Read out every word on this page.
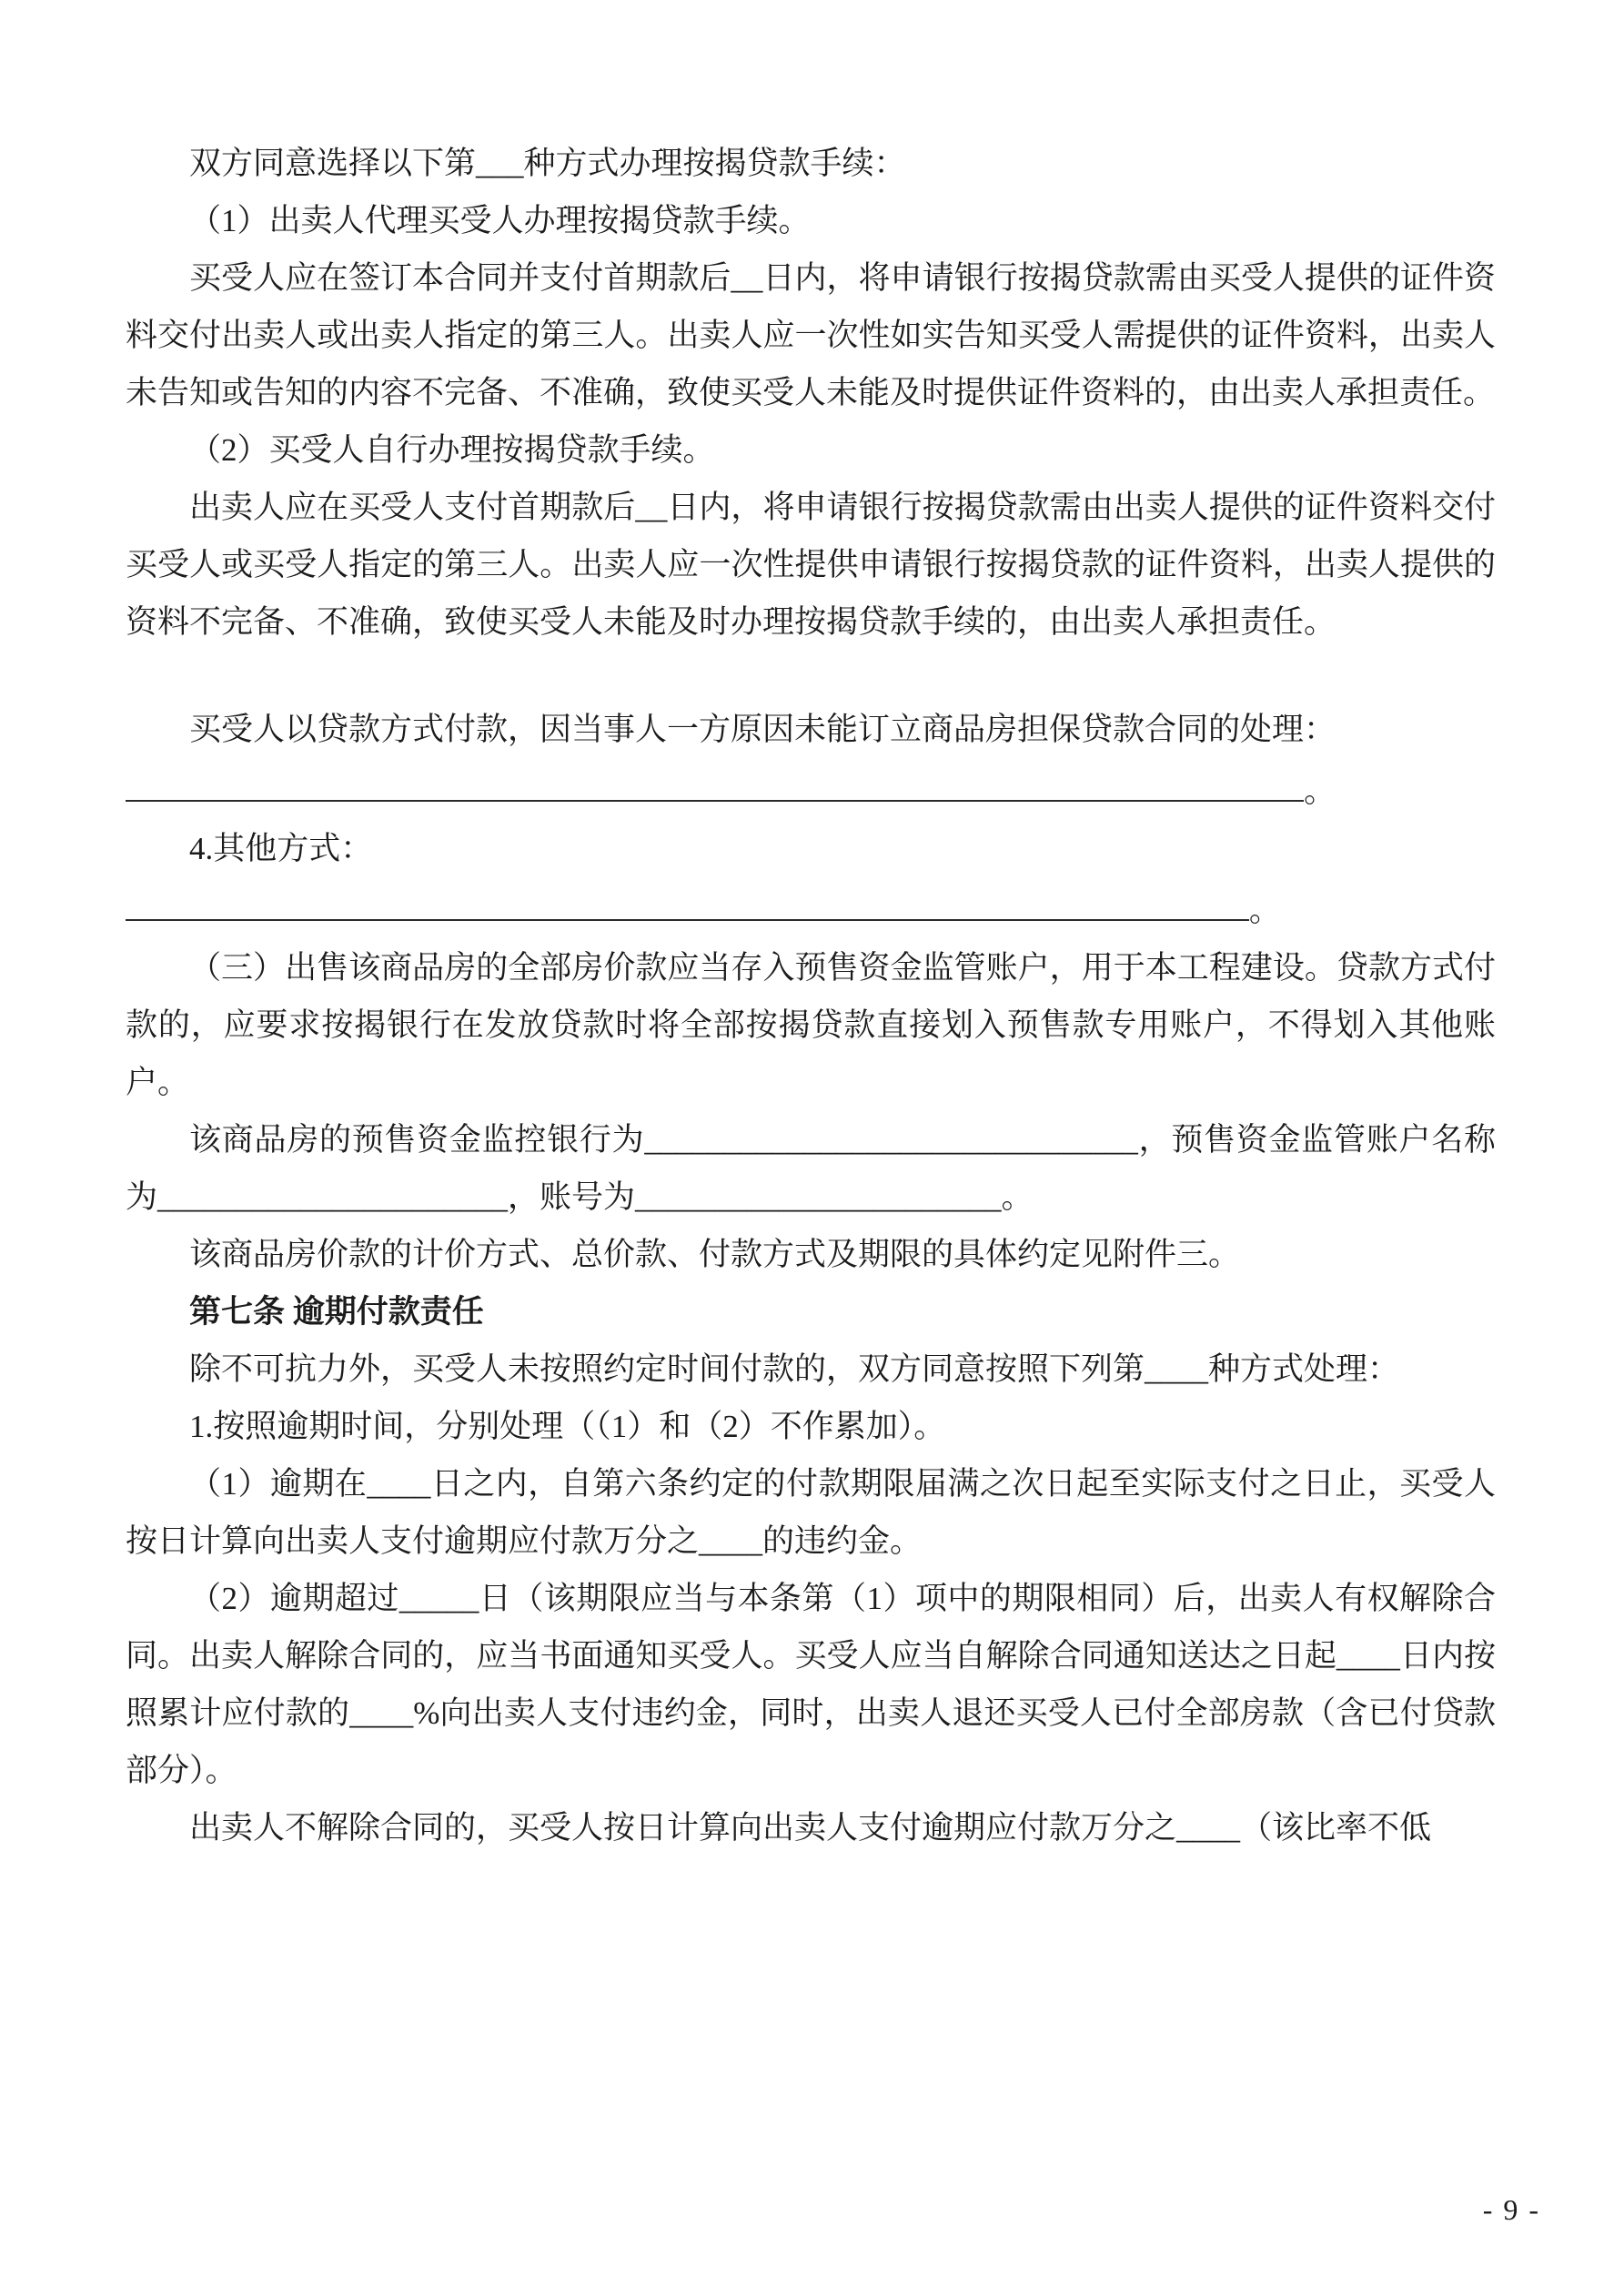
双方同意选择以下第___种方式办理按揭贷款手续：
（1）出卖人代理买受人办理按揭贷款手续。
买受人应在签订本合同并支付首期款后__日内，将申请银行按揭贷款需由买受人提供的证件资料交付出卖人或出卖人指定的第三人。出卖人应一次性如实告知买受人需提供的证件资料，出卖人未告知或告知的内容不完备、不准确，致使买受人未能及时提供证件资料的，由出卖人承担责任。
（2）买受人自行办理按揭贷款手续。
出卖人应在买受人支付首期款后__日内，将申请银行按揭贷款需由出卖人提供的证件资料交付买受人或买受人指定的第三人。出卖人应一次性提供申请银行按揭贷款的证件资料，出卖人提供的资料不完备、不准确，致使买受人未能及时办理按揭贷款手续的，由出卖人承担责任。
买受人以贷款方式付款，因当事人一方原因未能订立商品房担保贷款合同的处理：
。
4.其他方式：
。
（三）出售该商品房的全部房价款应当存入预售资金监管账户，用于本工程建设。贷款方式付款的，应要求按揭银行在发放贷款时将全部按揭贷款直接划入预售款专用账户，不得划入其他账户。
该商品房的预售资金监控银行为_______________________________，预售资金监管账户名称为______________________，账号为_______________________。
该商品房价款的计价方式、总价款、付款方式及期限的具体约定见附件三。
第七条 逾期付款责任
除不可抗力外，买受人未按照约定时间付款的，双方同意按照下列第____种方式处理：
1.按照逾期时间，分别处理（（1）和（2）不作累加）。
（1）逾期在____日之内，自第六条约定的付款期限届满之次日起至实际支付之日止，买受人按日计算向出卖人支付逾期应付款万分之____的违约金。
（2）逾期超过_____日（该期限应当与本条第（1）项中的期限相同）后，出卖人有权解除合同。出卖人解除合同的，应当书面通知买受人。买受人应当自解除合同通知送达之日起____日内按照累计应付款的____%向出卖人支付违约金，同时，出卖人退还买受人已付全部房款（含已付贷款部分）。
出卖人不解除合同的，买受人按日计算向出卖人支付逾期应付款万分之____（该比率不低
- 9 -
